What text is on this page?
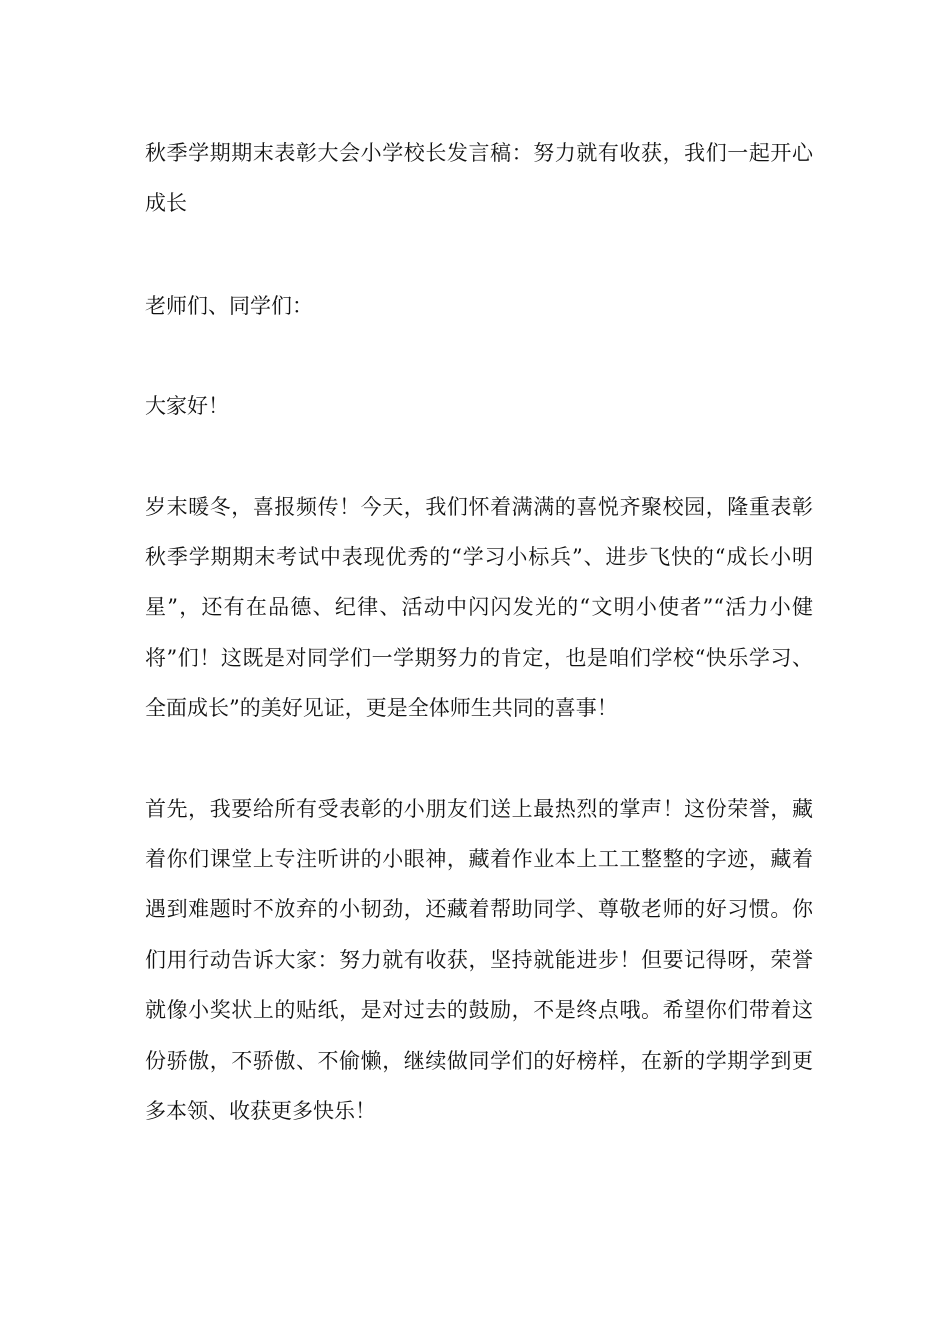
秋季学期期末表彰大会小学校长发言稿：努力就有收获，我们一起开心成长

老师们、同学们：

大家好！

岁末暖冬，喜报频传！今天，我们怀着满满的喜悦齐聚校园，隆重表彰秋季学期期末考试中表现优秀的“学习小标兵”、进步飞快的“成长小明星”，还有在品德、纪律、活动中闪闪发光的“文明小使者”“活力小健将”们！这既是对同学们一学期努力的肯定，也是咱们学校“快乐学习、全面成长”的美好见证，更是全体师生共同的喜事！

首先，我要给所有受表彰的小朋友们送上最热烈的掌声！这份荣誉，藏着你们课堂上专注听讲的小眼神，藏着作业本上工工整整的字迹，藏着遇到难题时不放弃的小韧劲，还藏着帮助同学、尊敬老师的好习惯。你们用行动告诉大家：努力就有收获，坚持就能进步！但要记得呀，荣誉就像小奖状上的贴纸，是对过去的鼓励，不是终点哦。希望你们带着这份骄傲，不骄傲、不偷懒，继续做同学们的好榜样，在新的学期学到更多本领、收获更多快乐！
